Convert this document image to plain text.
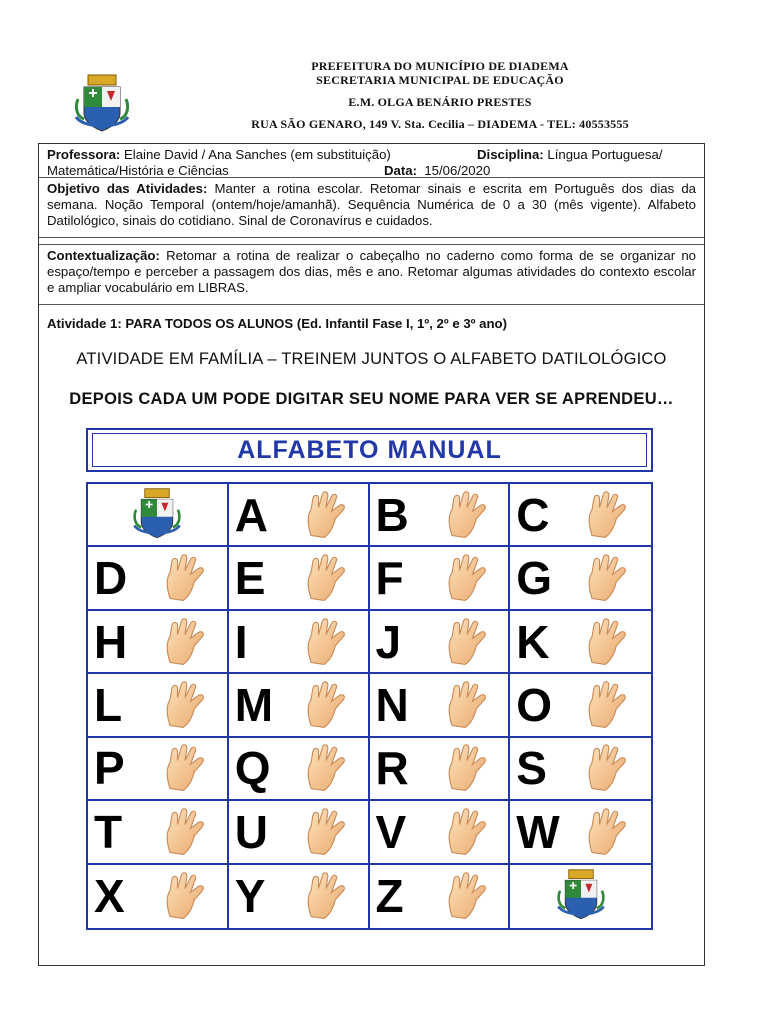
PREFEITURA DO MUNICÍPIO DE DIADEMA
SECRETARIA MUNICIPAL DE EDUCAÇÃO
E.M. OLGA BENÁRIO PRESTES
RUA SÃO GENARO, 149 V. Sta. Cecilia – DIADEMA - TEL: 40553555
Professora: Elaine David / Ana Sanches (em substituição)	Disciplina: Língua Portuguesa/
Matemática/História e Ciências	Data: 15/06/2020
Objetivo das Atividades: Manter a rotina escolar. Retomar sinais e escrita em Português dos dias da semana. Noção Temporal (ontem/hoje/amanhã). Sequência Numérica de 0 a 30 (mês vigente). Alfabeto Datilológico, sinais do cotidiano. Sinal de Coronavírus e cuidados.
Contextualização: Retomar a rotina de realizar o cabeçalho no caderno como forma de se organizar no espaço/tempo e perceber a passagem dos dias, mês e ano. Retomar algumas atividades do contexto escolar e ampliar vocabulário em LIBRAS.
Atividade 1: PARA TODOS OS ALUNOS (Ed. Infantil Fase I, 1º, 2º e 3º ano)
ATIVIDADE EM FAMÍLIA – TREINEM JUNTOS O ALFABETO DATILOLÓGICO
DEPOIS CADA UM PODE DIGITAR SEU NOME PARA VER SE APRENDEU…
ALFABETO MANUAL
A	B	C
D	E	F	G
H	I	J	K
L	M	N	O
P	Q	R	S
T	U	V	W
X	Y	Z
